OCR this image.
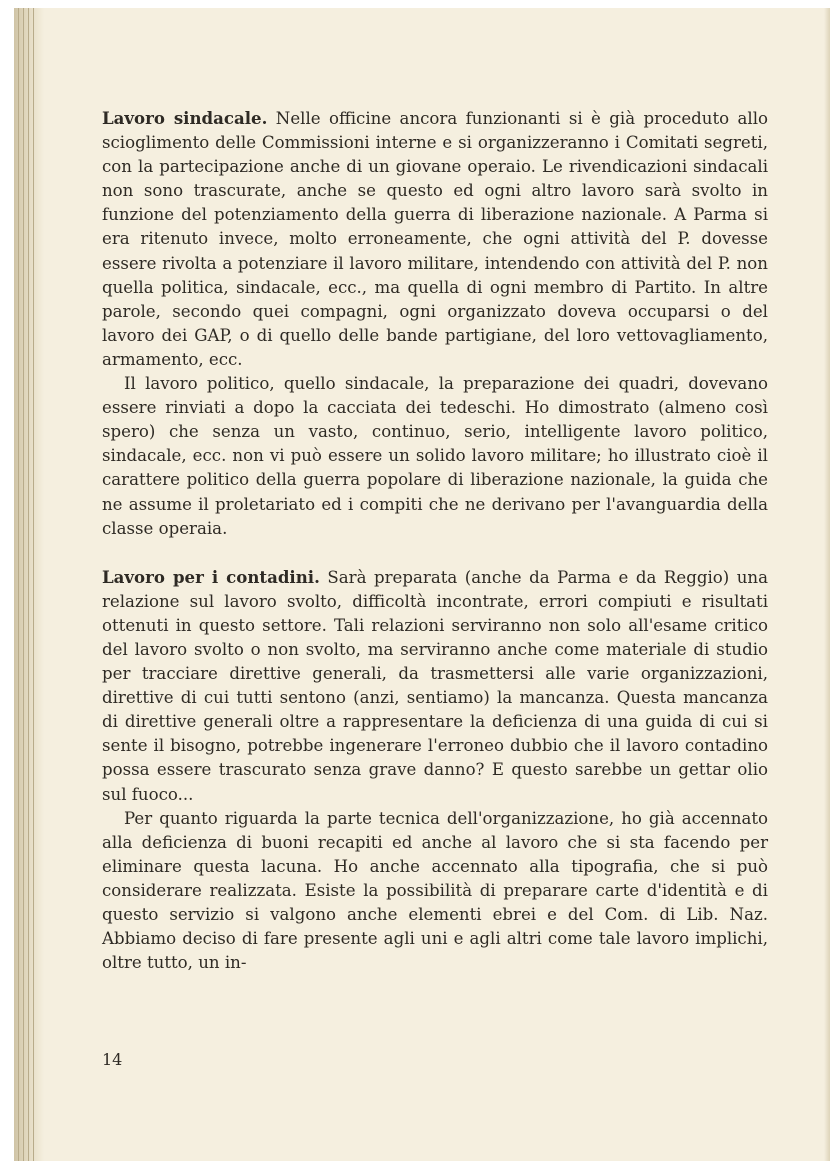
Lavoro sindacale. Nelle officine ancora funzionanti si è già proceduto allo scioglimento delle Commissioni interne e si organizzeranno i Comitati segreti, con la partecipazione anche di un giovane operaio. Le rivendicazioni sindacali non sono trascurate, anche se questo ed ogni altro lavoro sarà svolto in funzione del potenziamento della guerra di liberazione nazionale. A Parma si era ritenuto invece, molto erroneamente, che ogni attività del P. dovesse essere rivolta a potenziare il lavoro militare, intendendo con attività del P. non quella politica, sindacale, ecc., ma quella di ogni membro di Partito. In altre parole, secondo quei compagni, ogni organizzato doveva occuparsi o del lavoro dei GAP, o di quello delle bande partigiane, del loro vettovagliamento, armamento, ecc.

Il lavoro politico, quello sindacale, la preparazione dei quadri, dovevano essere rinviati a dopo la cacciata dei tedeschi. Ho dimostrato (almeno così spero) che senza un vasto, continuo, serio, intelligente lavoro politico, sindacale, ecc. non vi può essere un solido lavoro militare; ho illustrato cioè il carattere politico della guerra popolare di liberazione nazionale, la guida che ne assume il proletariato ed i compiti che ne derivano per l'avanguardia della classe operaia.

Lavoro per i contadini. Sarà preparata (anche da Parma e da Reggio) una relazione sul lavoro svolto, difficoltà incontrate, errori compiuti e risultati ottenuti in questo settore. Tali relazioni serviranno non solo all'esame critico del lavoro svolto o non svolto, ma serviranno anche come materiale di studio per tracciare direttive generali, da trasmettersi alle varie organizzazioni, direttive di cui tutti sentono (anzi, sentiamo) la mancanza. Questa mancanza di direttive generali oltre a rappresentare la deficienza di una guida di cui si sente il bisogno, potrebbe ingenerare l'erroneo dubbio che il lavoro contadino possa essere trascurato senza grave danno? E questo sarebbe un gettar olio sul fuoco...

Per quanto riguarda la parte tecnica dell'organizzazione, ho già accennato alla deficienza di buoni recapiti ed anche al lavoro che si sta facendo per eliminare questa lacuna. Ho anche accennato alla tipografia, che si può considerare realizzata. Esiste la possibilità di preparare carte d'identità e di questo servizio si valgono anche elementi ebrei e del Com. di Lib. Naz. Abbiamo deciso di fare presente agli uni e agli altri come tale lavoro implichi, oltre tutto, un in-

14
